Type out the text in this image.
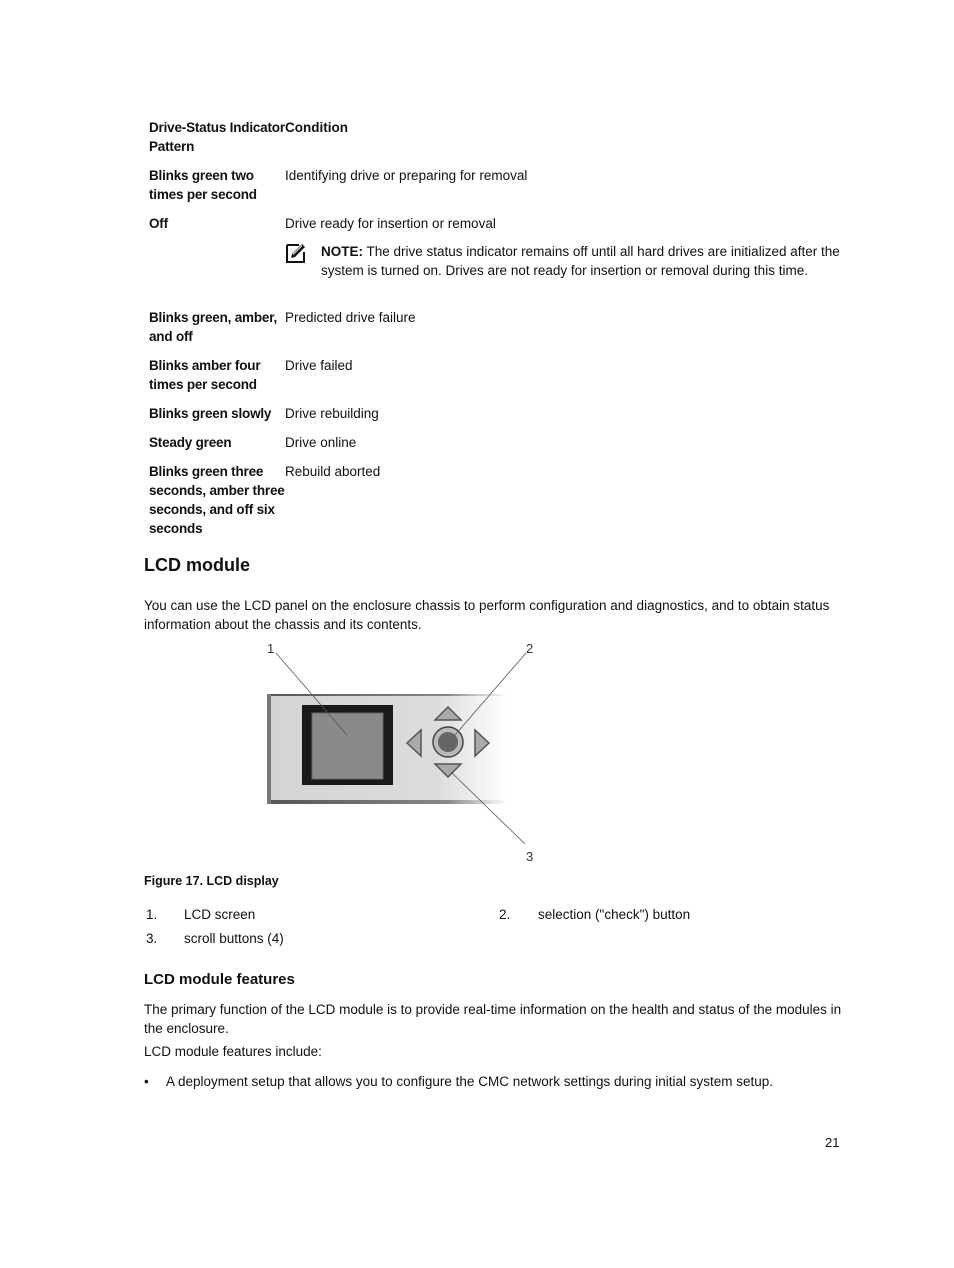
Drive-Status Indicator Pattern	Condition
Blinks green two times per second	Identifying drive or preparing for removal
Off	Drive ready for insertion or removal
NOTE: The drive status indicator remains off until all hard drives are initialized after the system is turned on. Drives are not ready for insertion or removal during this time.

Blinks green, amber, and off	Predicted drive failure
Blinks amber four times per second	Drive failed
Blinks green slowly	Drive rebuilding
Steady green	Drive online
Blinks green three seconds, amber three seconds, and off six seconds	Rebuild aborted
LCD module

You can use the LCD panel on the enclosure chassis to perform configuration and diagnostics, and to obtain status information about the chassis and its contents.

1	2
3
Figure 17. LCD display
1. LCD screen	2. selection ("check") button
3. scroll buttons (4)
LCD module features

The primary function of the LCD module is to provide real-time information on the health and status of the modules in the enclosure.

LCD module features include:

•	A deployment setup that allows you to configure the CMC network settings during initial system setup.
21
